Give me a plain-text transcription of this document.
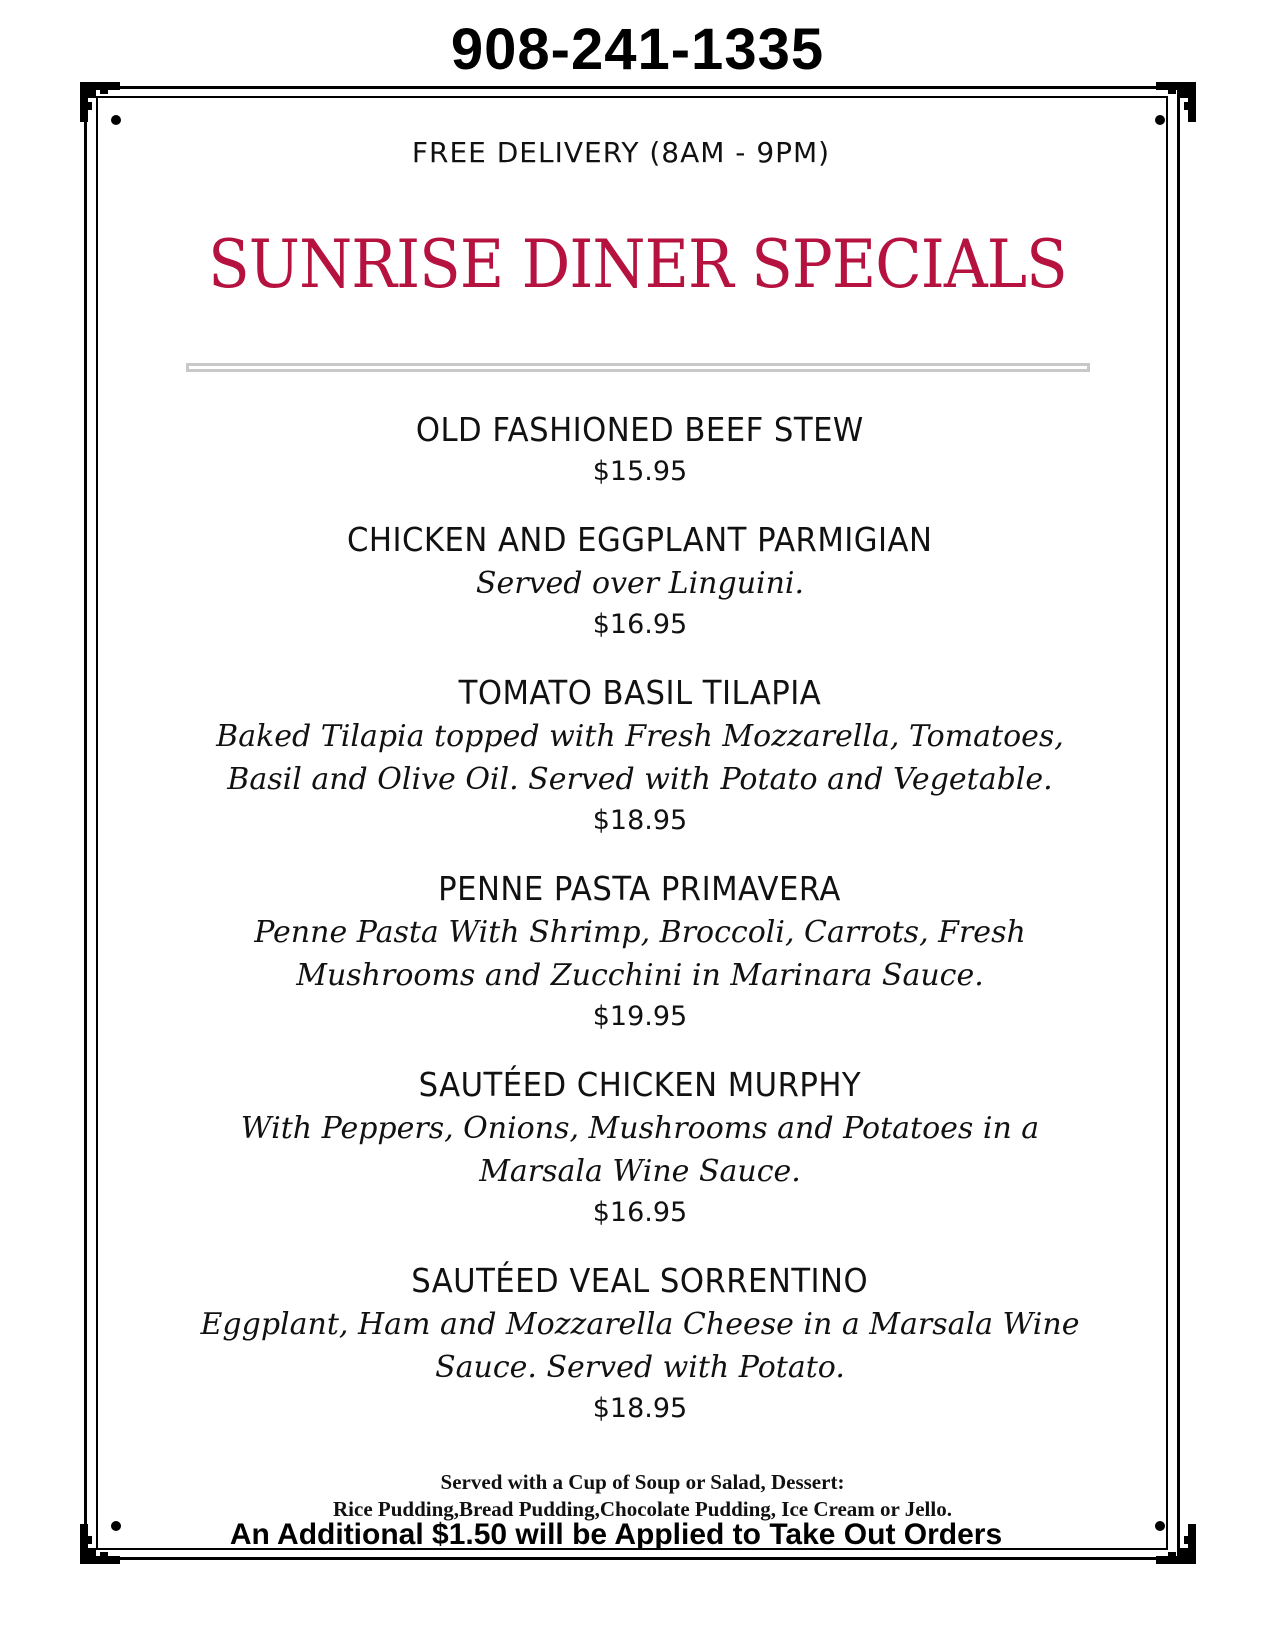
908-241-1335
FREE DELIVERY (8AM - 9PM)
SUNRISE DINER SPECIALS
OLD FASHIONED BEEF STEW
$15.95
CHICKEN AND EGGPLANT PARMIGIAN
Served over Linguini.
$16.95
TOMATO BASIL TILAPIA
Baked Tilapia topped with Fresh Mozzarella, Tomatoes, Basil and Olive Oil. Served with Potato and Vegetable.
$18.95
PENNE PASTA PRIMAVERA
Penne Pasta With Shrimp, Broccoli, Carrots, Fresh Mushrooms and Zucchini in Marinara Sauce.
$19.95
SAUTÉED CHICKEN MURPHY
With Peppers, Onions, Mushrooms and Potatoes in a Marsala Wine Sauce.
$16.95
SAUTÉED VEAL SORRENTINO
Eggplant, Ham and Mozzarella Cheese in a Marsala Wine Sauce. Served with Potato.
$18.95
Served with a Cup of Soup or Salad, Dessert:
Rice Pudding,Bread Pudding,Chocolate Pudding, Ice Cream or Jello.
An Additional $1.50 will be Applied to Take Out Orders
